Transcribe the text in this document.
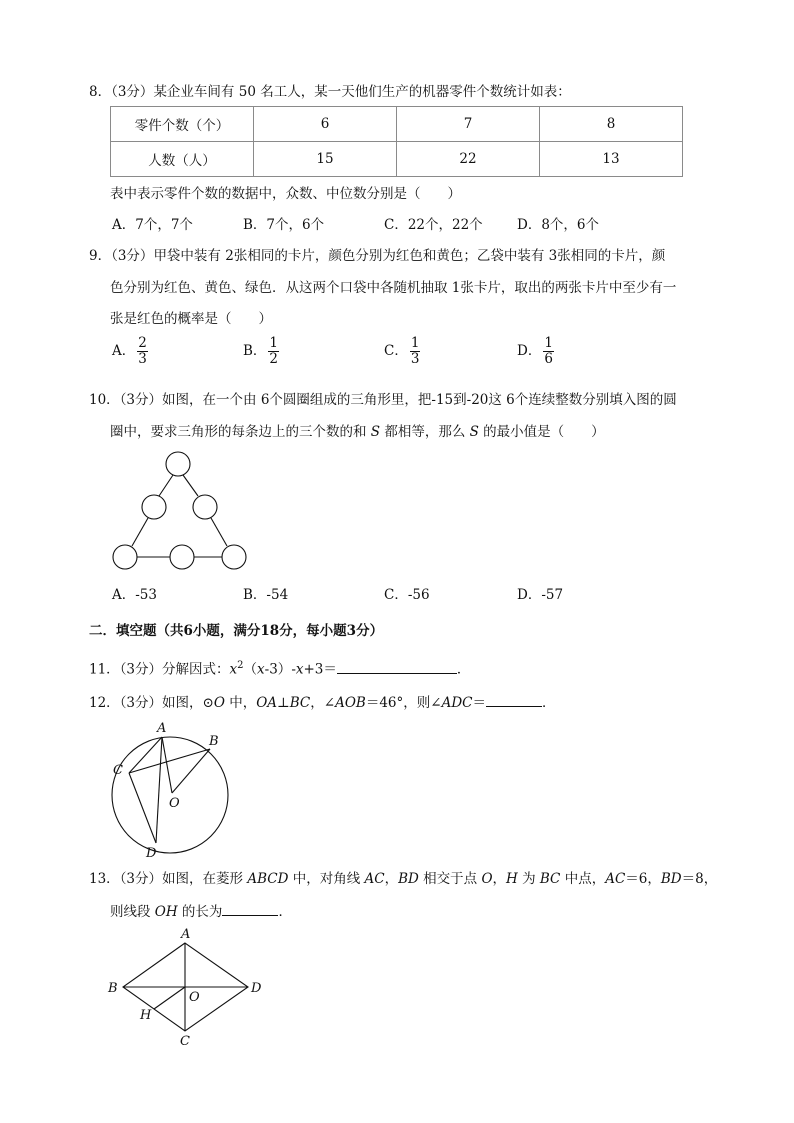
8．（3分）某企业车间有 50 名工人，某一天他们生产的机器零件个数统计如表：
零件个数（个）	6	7	8
人数（人）	15	22	13
表中表示零件个数的数据中，众数、中位数分别是（　　）
A．7个，7个	B．7个，6个	C．22个，22个	D．8个，6个
9．（3分）甲袋中装有 2张相同的卡片，颜色分别为红色和黄色；乙袋中装有 3张相同的卡片，颜
色分别为红色、黄色、绿色．从这两个口袋中各随机抽取 1张卡片，取出的两张卡片中至少有一
张是红色的概率是（　　）
A． $\frac{2}{3}$	B． $\frac{1}{2}$	C． $\frac{1}{3}$	D． $\frac{1}{6}$
10．（3分）如图，在一个由 6个圆圈组成的三角形里，把-15到-20这 6个连续整数分别填入图的圆
圈中，要求三角形的每条边上的三个数的和 S 都相等，那么 S 的最小值是（　　）
A．-53	B．-54	C．-56	D．-57
二．填空题（共6小题，满分18分，每小题3分）
11．（3分）分解因式：$x^2(x-3)-x+3=$	．
12．（3分）如图，⊙O 中，OA⊥BC，∠AOB＝46°，则∠ADC＝	．
A
B
C
O
D
13．（3分）如图，在菱形 ABCD 中，对角线 AC，BD 相交于点 O，H 为 BC 中点，AC＝6，BD＝8，
则线段 OH 的长为	．
A
B
O
D
H
C
